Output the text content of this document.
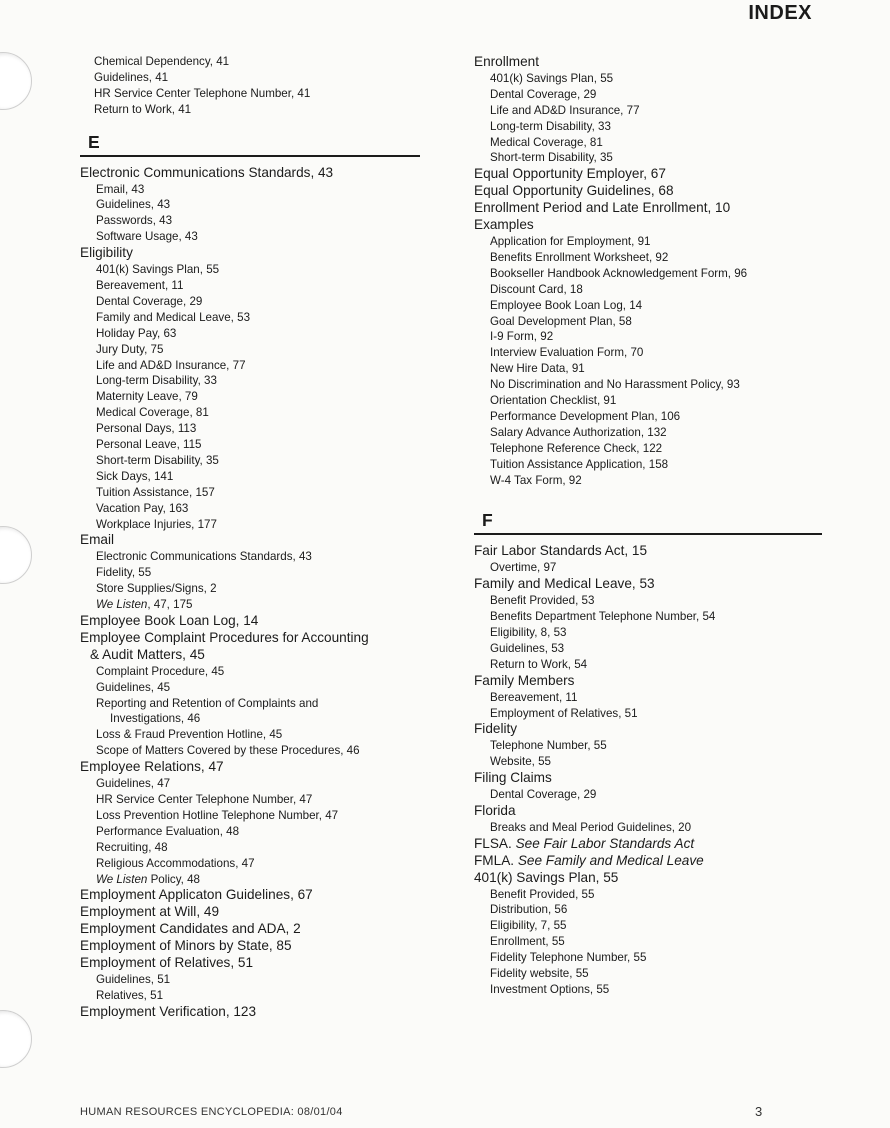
INDEX
Chemical Dependency, 41
Guidelines, 41
HR Service Center Telephone Number, 41
Return to Work, 41
E
Electronic Communications Standards, 43
Email, 43
Guidelines, 43
Passwords, 43
Software Usage, 43
Eligibility
401(k) Savings Plan, 55
Bereavement, 11
Dental Coverage, 29
Family and Medical Leave, 53
Holiday Pay, 63
Jury Duty, 75
Life and AD&D Insurance, 77
Long-term Disability, 33
Maternity Leave, 79
Medical Coverage, 81
Personal Days, 113
Personal Leave, 115
Short-term Disability, 35
Sick Days, 141
Tuition Assistance, 157
Vacation Pay, 163
Workplace Injuries, 177
Email
Electronic Communications Standards, 43
Fidelity, 55
Store Supplies/Signs, 2
We Listen, 47, 175
Employee Book Loan Log, 14
Employee Complaint Procedures for Accounting
& Audit Matters, 45
Complaint Procedure, 45
Guidelines, 45
Reporting and Retention of Complaints and
Investigations, 46
Loss & Fraud Prevention Hotline, 45
Scope of Matters Covered by these Procedures, 46
Employee Relations, 47
Guidelines, 47
HR Service Center Telephone Number, 47
Loss Prevention Hotline Telephone Number, 47
Performance Evaluation, 48
Recruiting, 48
Religious Accommodations, 47
We Listen Policy, 48
Employment Applicaton Guidelines, 67
Employment at Will, 49
Employment Candidates and ADA, 2
Employment of Minors by State, 85
Employment of Relatives, 51
Guidelines, 51
Relatives, 51
Employment Verification, 123
Enrollment
401(k) Savings Plan, 55
Dental Coverage, 29
Life and AD&D Insurance, 77
Long-term Disability, 33
Medical Coverage, 81
Short-term Disability, 35
Equal Opportunity Employer, 67
Equal Opportunity Guidelines, 68
Enrollment Period and Late Enrollment, 10
Examples
Application for Employment, 91
Benefits Enrollment Worksheet, 92
Bookseller Handbook Acknowledgement Form, 96
Discount Card, 18
Employee Book Loan Log, 14
Goal Development Plan, 58
I-9 Form, 92
Interview Evaluation Form, 70
New Hire Data, 91
No Discrimination and No Harassment Policy, 93
Orientation Checklist, 91
Performance Development Plan, 106
Salary Advance Authorization, 132
Telephone Reference Check, 122
Tuition Assistance Application, 158
W-4 Tax Form, 92
F
Fair Labor Standards Act, 15
Overtime, 97
Family and Medical Leave, 53
Benefit Provided, 53
Benefits Department Telephone Number, 54
Eligibility, 8, 53
Guidelines, 53
Return to Work, 54
Family Members
Bereavement, 11
Employment of Relatives, 51
Fidelity
Telephone Number, 55
Website, 55
Filing Claims
Dental Coverage, 29
Florida
Breaks and Meal Period Guidelines, 20
FLSA. See Fair Labor Standards Act
FMLA. See Family and Medical Leave
401(k) Savings Plan, 55
Benefit Provided, 55
Distribution, 56
Eligibility, 7, 55
Enrollment, 55
Fidelity Telephone Number, 55
Fidelity website, 55
Investment Options, 55
HUMAN RESOURCES ENCYCLOPEDIA: 08/01/04	3
